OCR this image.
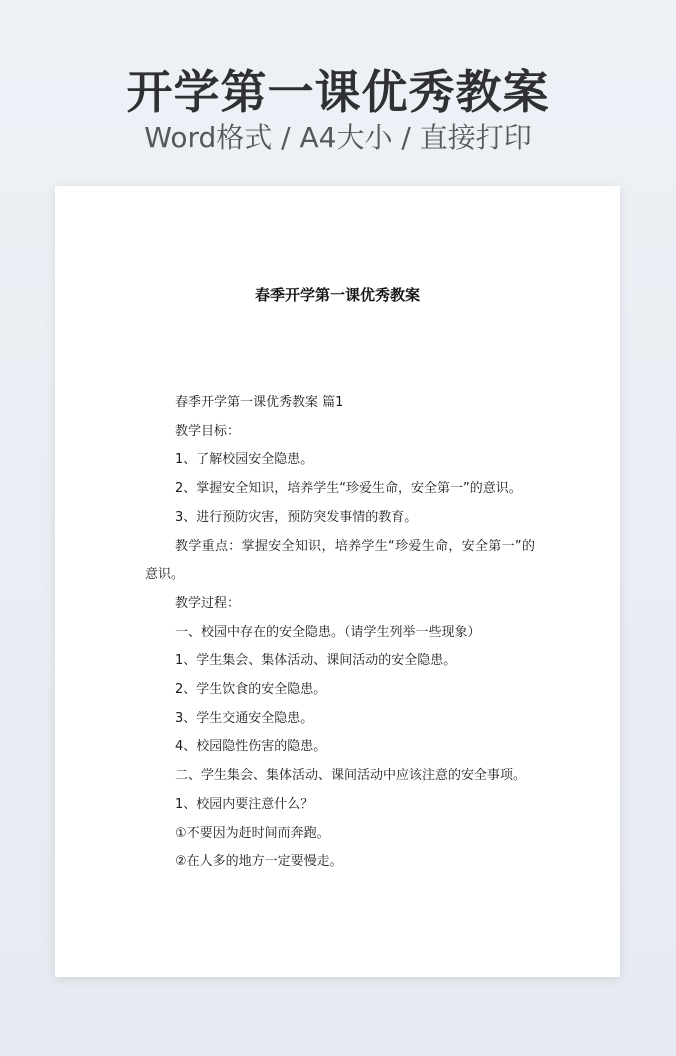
开学第一课优秀教案
Word格式 / A4大小 / 直接打印
春季开学第一课优秀教案

春季开学第一课优秀教案 篇1

教学目标：

1、了解校园安全隐患。

2、掌握安全知识，培养学生“珍爱生命，安全第一”的意识。

3、进行预防灾害，预防突发事情的教育。

教学重点：掌握安全知识，培养学生“珍爱生命，安全第一”的意识。

教学过程：

一、校园中存在的安全隐患。（请学生列举一些现象）

1、学生集会、集体活动、课间活动的安全隐患。

2、学生饮食的安全隐患。

3、学生交通安全隐患。

4、校园隐性伤害的隐患。

二、学生集会、集体活动、课间活动中应该注意的安全事项。

1、校园内要注意什么？

①不要因为赶时间而奔跑。

②在人多的地方一定要慢走。
